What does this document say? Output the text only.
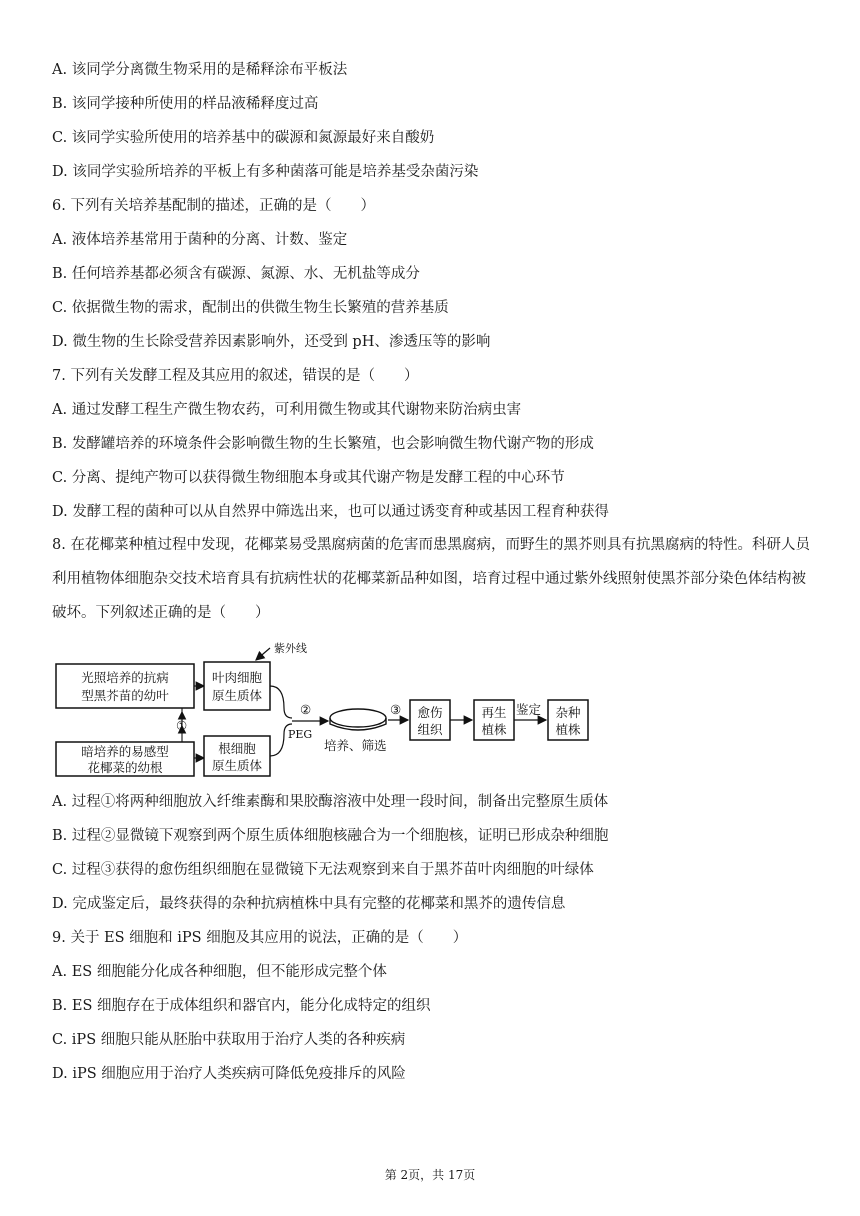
A. 该同学分离微生物采用的是稀释涂布平板法
B. 该同学接种所使用的样品液稀释度过高
C. 该同学实验所使用的培养基中的碳源和氮源最好来自酸奶
D. 该同学实验所培养的平板上有多种菌落可能是培养基受杂菌污染
6. 下列有关培养基配制的描述，正确的是（　　）
A. 液体培养基常用于菌种的分离、计数、鉴定
B. 任何培养基都必须含有碳源、氮源、水、无机盐等成分
C. 依据微生物的需求，配制出的供微生物生长繁殖的营养基质
D. 微生物的生长除受营养因素影响外，还受到 pH、渗透压等的影响
7. 下列有关发酵工程及其应用的叙述，错误的是（　　）
A. 通过发酵工程生产微生物农药，可利用微生物或其代谢物来防治病虫害
B. 发酵罐培养的环境条件会影响微生物的生长繁殖，也会影响微生物代谢产物的形成
C. 分离、提纯产物可以获得微生物细胞本身或其代谢产物是发酵工程的中心环节
D. 发酵工程的菌种可以从自然界中筛选出来，也可以通过诱变育种或基因工程育种获得
8. 在花椰菜种植过程中发现，花椰菜易受黑腐病菌的危害而患黑腐病，而野生的黑芥则具有抗黑腐病的特性。科研人员利用植物体细胞杂交技术培育具有抗病性状的花椰菜新品种如图，培育过程中通过紫外线照射使黑芥部分染色体结构被破坏。下列叙述正确的是（　　）
紫外线
光照培养的抗病
型黑芥苗的幼叶
叶肉细胞
原生质体
①
暗培养的易感型
花椰菜的幼根
根细胞
原生质体
②
PEG
培养、筛选
③ 愈伤
组织
再生
植株
鉴定 杂种
植株
A. 过程①将两种细胞放入纤维素酶和果胶酶溶液中处理一段时间，制备出完整原生质体
B. 过程②显微镜下观察到两个原生质体细胞核融合为一个细胞核，证明已形成杂种细胞
C. 过程③获得的愈伤组织细胞在显微镜下无法观察到来自于黑芥苗叶肉细胞的叶绿体
D. 完成鉴定后，最终获得的杂种抗病植株中具有完整的花椰菜和黑芥的遗传信息
9. 关于 ES 细胞和 iPS 细胞及其应用的说法，正确的是（　　）
A. ES 细胞能分化成各种细胞，但不能形成完整个体
B. ES 细胞存在于成体组织和器官内，能分化成特定的组织
C. iPS 细胞只能从胚胎中获取用于治疗人类的各种疾病
D. iPS 细胞应用于治疗人类疾病可降低免疫排斥的风险
第 2页，共 17页
